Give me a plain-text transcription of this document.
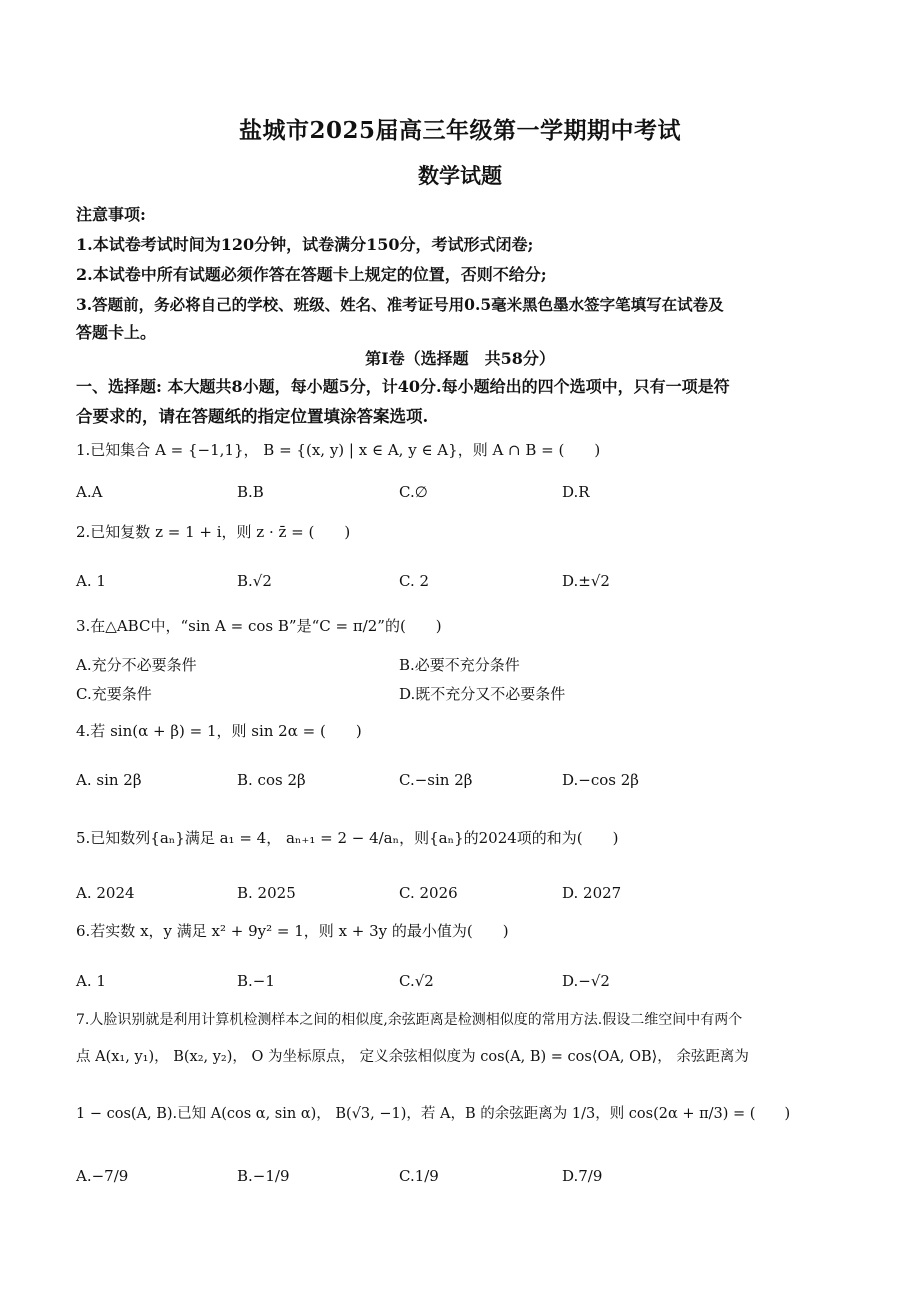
盐城市2025届高三年级第一学期期中考试
数学试题
注意事项:
1.本试卷考试时间为120分钟，试卷满分150分，考试形式闭卷;
2.本试卷中所有试题必须作答在答题卡上规定的位置，否则不给分;
3.答题前，务必将自己的学校、班级、姓名、准考证号用0.5毫米黑色墨水签字笔填写在试卷及
答题卡上。
第Ⅰ卷（选择题　共58分）
一、选择题: 本大题共8小题，每小题5分，计40分.每小题给出的四个选项中，只有一项是符
合要求的，请在答题纸的指定位置填涂答案选项.
1.已知集合 A = {−1,1}， B = {(x, y) | x ∈ A, y ∈ A}，则 A ∩ B = (　　)
A.A	B.B	C.∅	D.R
2.已知复数 z = 1 + i，则 z · z̄ = (　　)
A. 1	B.√2	C. 2	D.±√2
3.在△ABC中，“sin A = cos B”是“C = π/2”的(　　)
A.充分不必要条件	B.必要不充分条件
C.充要条件	D.既不充分又不必要条件
4.若 sin(α + β) = 1，则 sin 2α = (　　)
A. sin 2β	B. cos 2β	C.−sin 2β	D.−cos 2β
5.已知数列{aₙ}满足 a₁ = 4， aₙ₊₁ = 2 − 4/aₙ，则{aₙ}的2024项的和为(　　)
A. 2024	B. 2025	C. 2026	D. 2027
6.若实数 x，y 满足 x² + 9y² = 1，则 x + 3y 的最小值为(　　)
A. 1	B.−1	C.√2	D.−√2
7.人脸识别就是利用计算机检测样本之间的相似度,余弦距离是检测相似度的常用方法.假设二维空间中有两个
点 A(x₁, y₁)， B(x₂, y₂)， O 为坐标原点， 定义余弦相似度为 cos(A, B) = cos⟨OA, OB⟩， 余弦距离为
1 − cos(A, B).已知 A(cos α, sin α)， B(√3, −1)，若 A，B 的余弦距离为 1/3，则 cos(2α + π/3) = (　　)
A.−7/9	B.−1/9	C.1/9	D.7/9
